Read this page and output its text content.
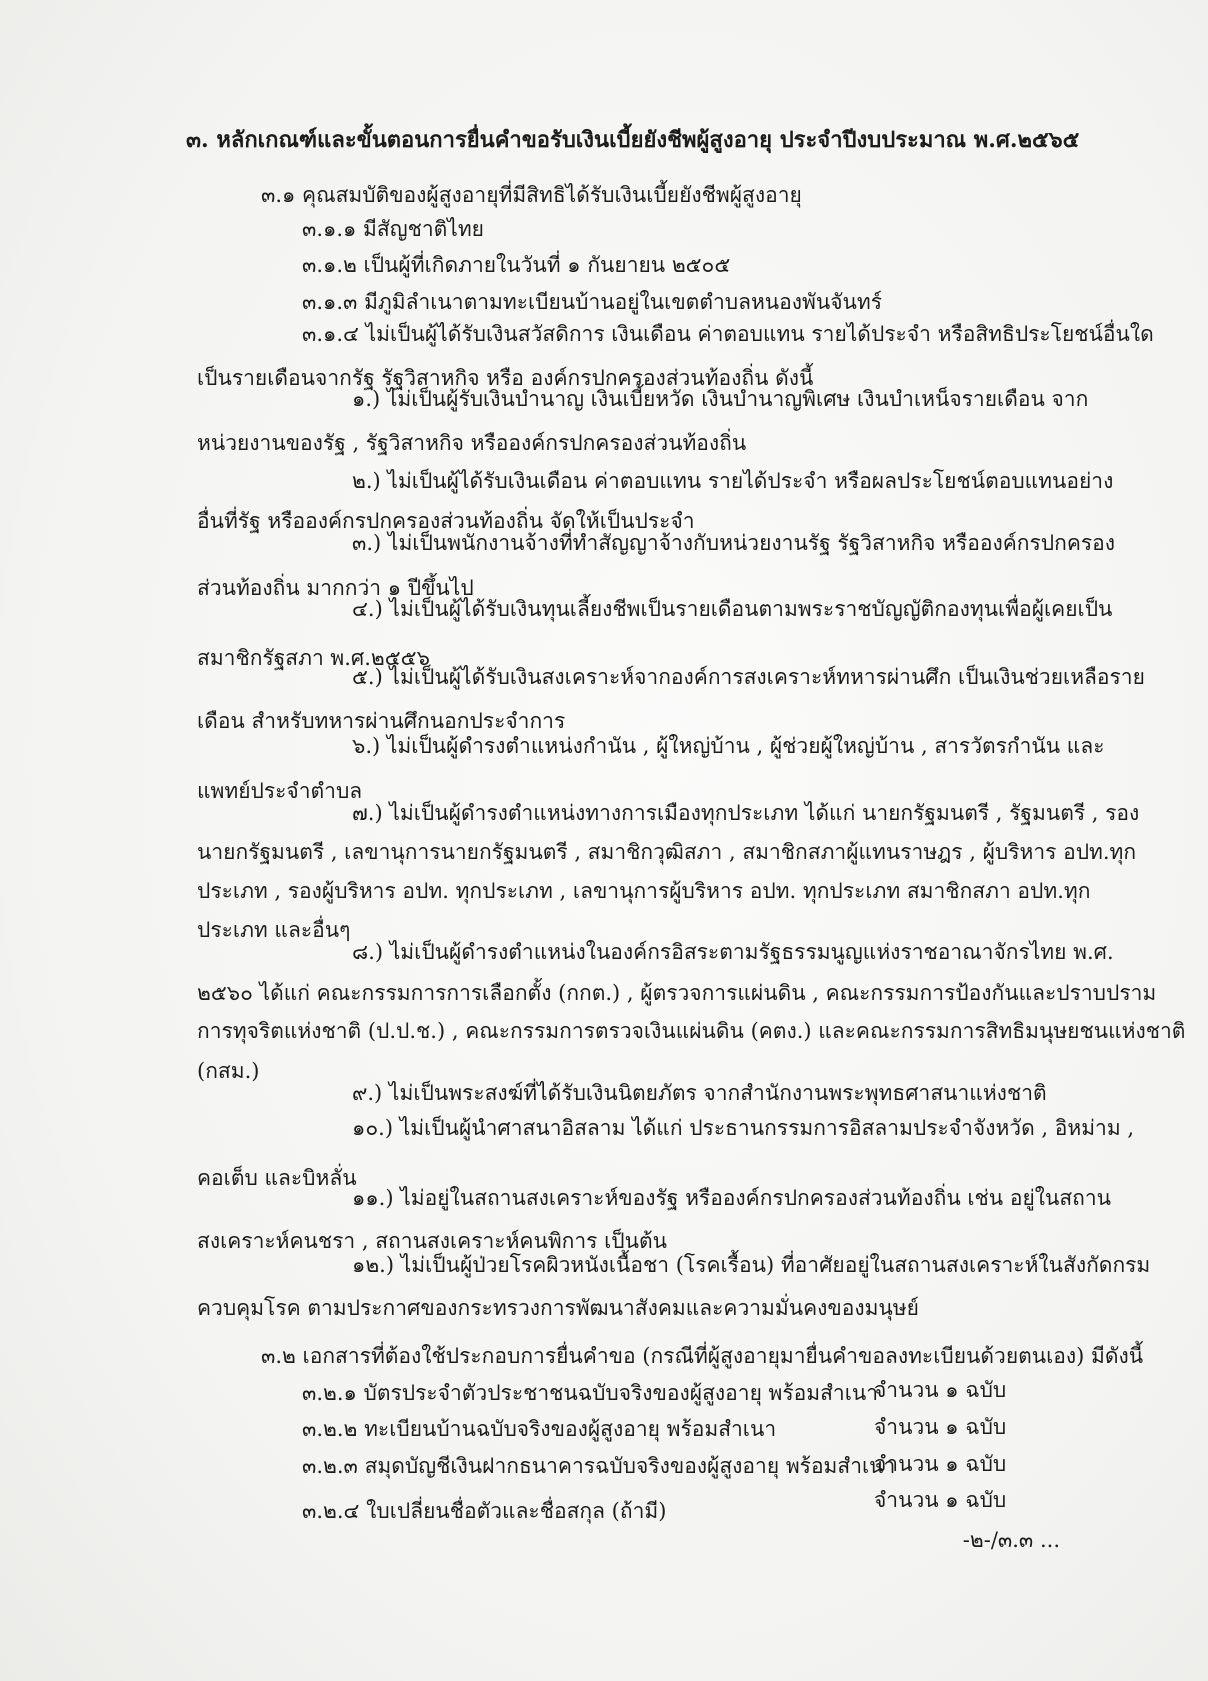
๓. หลักเกณฑ์และขั้นตอนการยื่นคำขอรับเงินเบี้ยยังชีพผู้สูงอายุ ประจำปีงบประมาณ พ.ศ.๒๕๖๕
๓.๑ คุณสมบัติของผู้สูงอายุที่มีสิทธิได้รับเงินเบี้ยยังชีพผู้สูงอายุ
๓.๑.๑ มีสัญชาติไทย
๓.๑.๒ เป็นผู้ที่เกิดภายในวันที่ ๑ กันยายน ๒๕๐๕
๓.๑.๓ มีภูมิลำเนาตามทะเบียนบ้านอยู่ในเขตตำบลหนองพันจันทร์
๓.๑.๔ ไม่เป็นผู้ได้รับเงินสวัสดิการ เงินเดือน ค่าตอบแทน รายได้ประจำ หรือสิทธิประโยชน์อื่นใด
เป็นรายเดือนจากรัฐ รัฐวิสาหกิจ หรือ องค์กรปกครองส่วนท้องถิ่น ดังนี้
๑.) ไม่เป็นผู้รับเงินบำนาญ เงินเบี้ยหวัด เงินบำนาญพิเศษ เงินบำเหน็จรายเดือน จาก
หน่วยงานของรัฐ , รัฐวิสาหกิจ หรือองค์กรปกครองส่วนท้องถิ่น
๒.) ไม่เป็นผู้ได้รับเงินเดือน ค่าตอบแทน รายได้ประจำ หรือผลประโยชน์ตอบแทนอย่าง
อื่นที่รัฐ หรือองค์กรปกครองส่วนท้องถิ่น จัดให้เป็นประจำ
๓.) ไม่เป็นพนักงานจ้างที่ทำสัญญาจ้างกับหน่วยงานรัฐ รัฐวิสาหกิจ หรือองค์กรปกครอง
ส่วนท้องถิ่น มากกว่า ๑ ปีขึ้นไป
๔.) ไม่เป็นผู้ได้รับเงินทุนเลี้ยงชีพเป็นรายเดือนตามพระราชบัญญัติกองทุนเพื่อผู้เคยเป็น
สมาชิกรัฐสภา พ.ศ.๒๕๕๖
๕.) ไม่เป็นผู้ได้รับเงินสงเคราะห์จากองค์การสงเคราะห์ทหารผ่านศึก เป็นเงินช่วยเหลือราย
เดือน สำหรับทหารผ่านศึกนอกประจำการ
๖.) ไม่เป็นผู้ดำรงตำแหน่งกำนัน , ผู้ใหญ่บ้าน , ผู้ช่วยผู้ใหญ่บ้าน , สารวัตรกำนัน และ
แพทย์ประจำตำบล
๗.) ไม่เป็นผู้ดำรงตำแหน่งทางการเมืองทุกประเภท ได้แก่ นายกรัฐมนตรี , รัฐมนตรี , รอง
นายกรัฐมนตรี , เลขานุการนายกรัฐมนตรี , สมาชิกวุฒิสภา , สมาชิกสภาผู้แทนราษฎร , ผู้บริหาร อปท.ทุก
ประเภท , รองผู้บริหาร อปท. ทุกประเภท , เลขานุการผู้บริหาร อปท. ทุกประเภท สมาชิกสภา อปท.ทุก
ประเภท และอื่นๆ
๘.) ไม่เป็นผู้ดำรงตำแหน่งในองค์กรอิสระตามรัฐธรรมนูญแห่งราชอาณาจักรไทย พ.ศ.
๒๕๖๐ ได้แก่ คณะกรรมการการเลือกตั้ง (กกต.) , ผู้ตรวจการแผ่นดิน , คณะกรรมการป้องกันและปราบปราม
การทุจริตแห่งชาติ (ป.ป.ช.) , คณะกรรมการตรวจเงินแผ่นดิน (คตง.) และคณะกรรมการสิทธิมนุษยชนแห่งชาติ
(กสม.)
๙.) ไม่เป็นพระสงฆ์ที่ได้รับเงินนิตยภัตร จากสำนักงานพระพุทธศาสนาแห่งชาติ
๑๐.) ไม่เป็นผู้นำศาสนาอิสลาม ได้แก่ ประธานกรรมการอิสลามประจำจังหวัด , อิหม่าม ,
คอเต็บ และบิหลั่น
๑๑.) ไม่อยู่ในสถานสงเคราะห์ของรัฐ หรือองค์กรปกครองส่วนท้องถิ่น เช่น อยู่ในสถาน
สงเคราะห์คนชรา , สถานสงเคราะห์คนพิการ เป็นต้น
๑๒.) ไม่เป็นผู้ป่วยโรคผิวหนังเนื้อชา (โรคเรื้อน) ที่อาศัยอยู่ในสถานสงเคราะห์ในสังกัดกรม
ควบคุมโรค ตามประกาศของกระทรวงการพัฒนาสังคมและความมั่นคงของมนุษย์
๓.๒ เอกสารที่ต้องใช้ประกอบการยื่นคำขอ (กรณีที่ผู้สูงอายุมายื่นคำขอลงทะเบียนด้วยตนเอง) มีดังนี้
๓.๒.๑ บัตรประจำตัวประชาชนฉบับจริงของผู้สูงอายุ พร้อมสำเนา
จำนวน ๑ ฉบับ
๓.๒.๒ ทะเบียนบ้านฉบับจริงของผู้สูงอายุ พร้อมสำเนา	จำนวน ๑ ฉบับ
๓.๒.๓ สมุดบัญชีเงินฝากธนาคารฉบับจริงของผู้สูงอายุ พร้อมสำเนา
จำนวน ๑ ฉบับ
๓.๒.๔ ใบเปลี่ยนชื่อตัวและชื่อสกุล (ถ้ามี)	จำนวน ๑ ฉบับ
-๒-/๓.๓ ...
